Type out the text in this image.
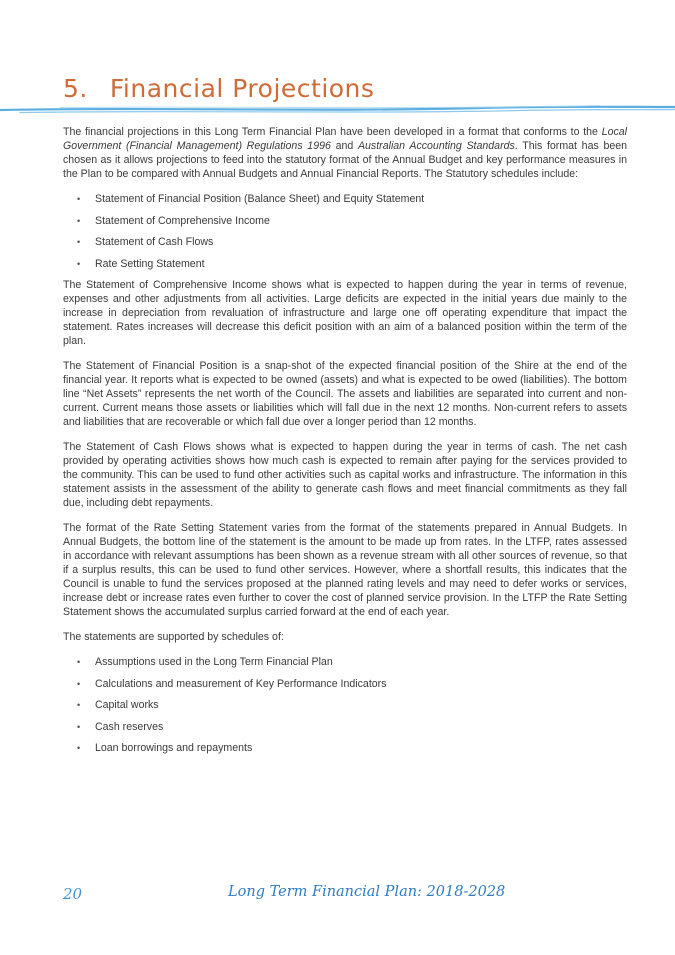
5. Financial Projections

The financial projections in this Long Term Financial Plan have been developed in a format that conforms to the Local Government (Financial Management) Regulations 1996 and Australian Accounting Standards. This format has been chosen as it allows projections to feed into the statutory format of the Annual Budget and key performance measures in the Plan to be compared with Annual Budgets and Annual Financial Reports. The Statutory schedules include:

• Statement of Financial Position (Balance Sheet) and Equity Statement
• Statement of Comprehensive Income
• Statement of Cash Flows
• Rate Setting Statement

The Statement of Comprehensive Income shows what is expected to happen during the year in terms of revenue, expenses and other adjustments from all activities. Large deficits are expected in the initial years due mainly to the increase in depreciation from revaluation of infrastructure and large one off operating expenditure that impact the statement. Rates increases will decrease this deficit position with an aim of a balanced position within the term of the plan.

The Statement of Financial Position is a snap-shot of the expected financial position of the Shire at the end of the financial year. It reports what is expected to be owned (assets) and what is expected to be owed (liabilities). The bottom line “Net Assets” represents the net worth of the Council. The assets and liabilities are separated into current and non-current. Current means those assets or liabilities which will fall due in the next 12 months. Non-current refers to assets and liabilities that are recoverable or which fall due over a longer period than 12 months.

The Statement of Cash Flows shows what is expected to happen during the year in terms of cash. The net cash provided by operating activities shows how much cash is expected to remain after paying for the services provided to the community. This can be used to fund other activities such as capital works and infrastructure. The information in this statement assists in the assessment of the ability to generate cash flows and meet financial commitments as they fall due, including debt repayments.

The format of the Rate Setting Statement varies from the format of the statements prepared in Annual Budgets. In Annual Budgets, the bottom line of the statement is the amount to be made up from rates. In the LTFP, rates assessed in accordance with relevant assumptions has been shown as a revenue stream with all other sources of revenue, so that if a surplus results, this can be used to fund other services. However, where a shortfall results, this indicates that the Council is unable to fund the services proposed at the planned rating levels and may need to defer works or services, increase debt or increase rates even further to cover the cost of planned service provision. In the LTFP the Rate Setting Statement shows the accumulated surplus carried forward at the end of each year.

The statements are supported by schedules of:

• Assumptions used in the Long Term Financial Plan
• Calculations and measurement of Key Performance Indicators
• Capital works
• Cash reserves
• Loan borrowings and repayments
20	Long Term Financial Plan: 2018-2028
